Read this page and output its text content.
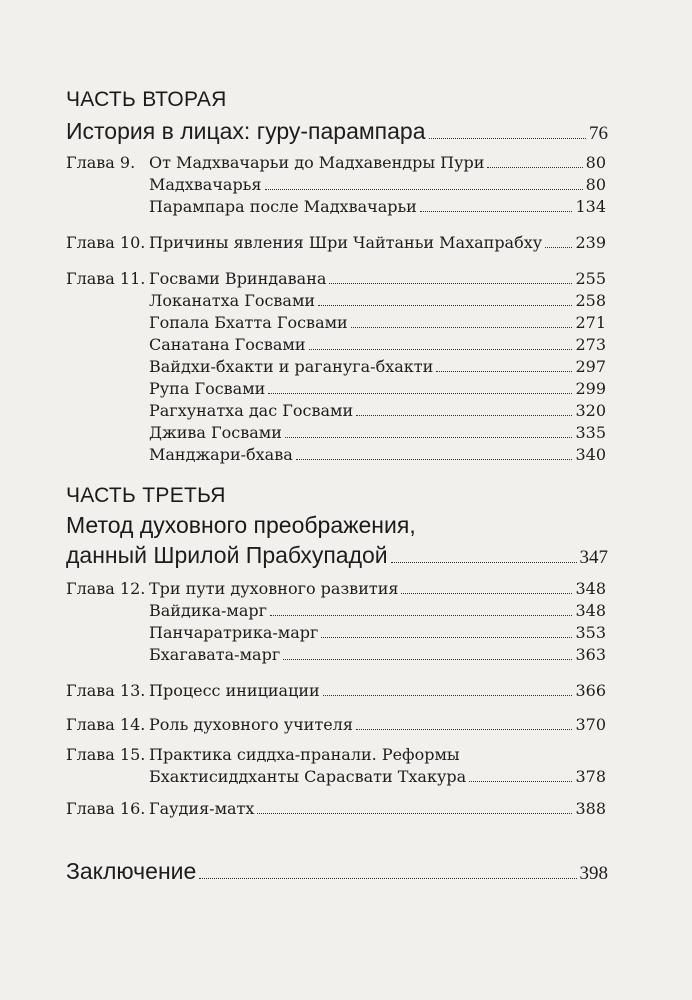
ЧАСТЬ ВТОРАЯ
История в лицах: гуру-парампара	76
Глава 9. От Мадхвачарьи до Мадхавендры Пури	80
Мадхвачарья	80
Парампара после Мадхвачарьи	134
Глава 10. Причины явления Шри Чайтаньи Махапрабху 239
Глава 11. Госвами Вриндавана	255
Локанатха Госвами	258
Гопала Бхатта Госвами	271
Санатана Госвами	273
Вайдхи-бхакти и рагануга-бхакти	297
Рупа Госвами	299
Рагхунатха дас Госвами	320
Джива Госвами	335
Манджари-бхава	340
ЧАСТЬ ТРЕТЬЯ
Метод духовного преображения,
данный Шрилой Прабхупадой	347
Глава 12. Три пути духовного развития	348
Вайдика-марг	348
Панчаратрика-марг	353
Бхагавата-марг	363
Глава 13. Процесс инициации	366
Глава 14. Роль духовного учителя	370
Глава 15. Практика сиддха-пранали. Реформы
Бхактисиддханты Сарасвати Тхакура	378
Глава 16. Гаудия-матх	388
Заключение	398
